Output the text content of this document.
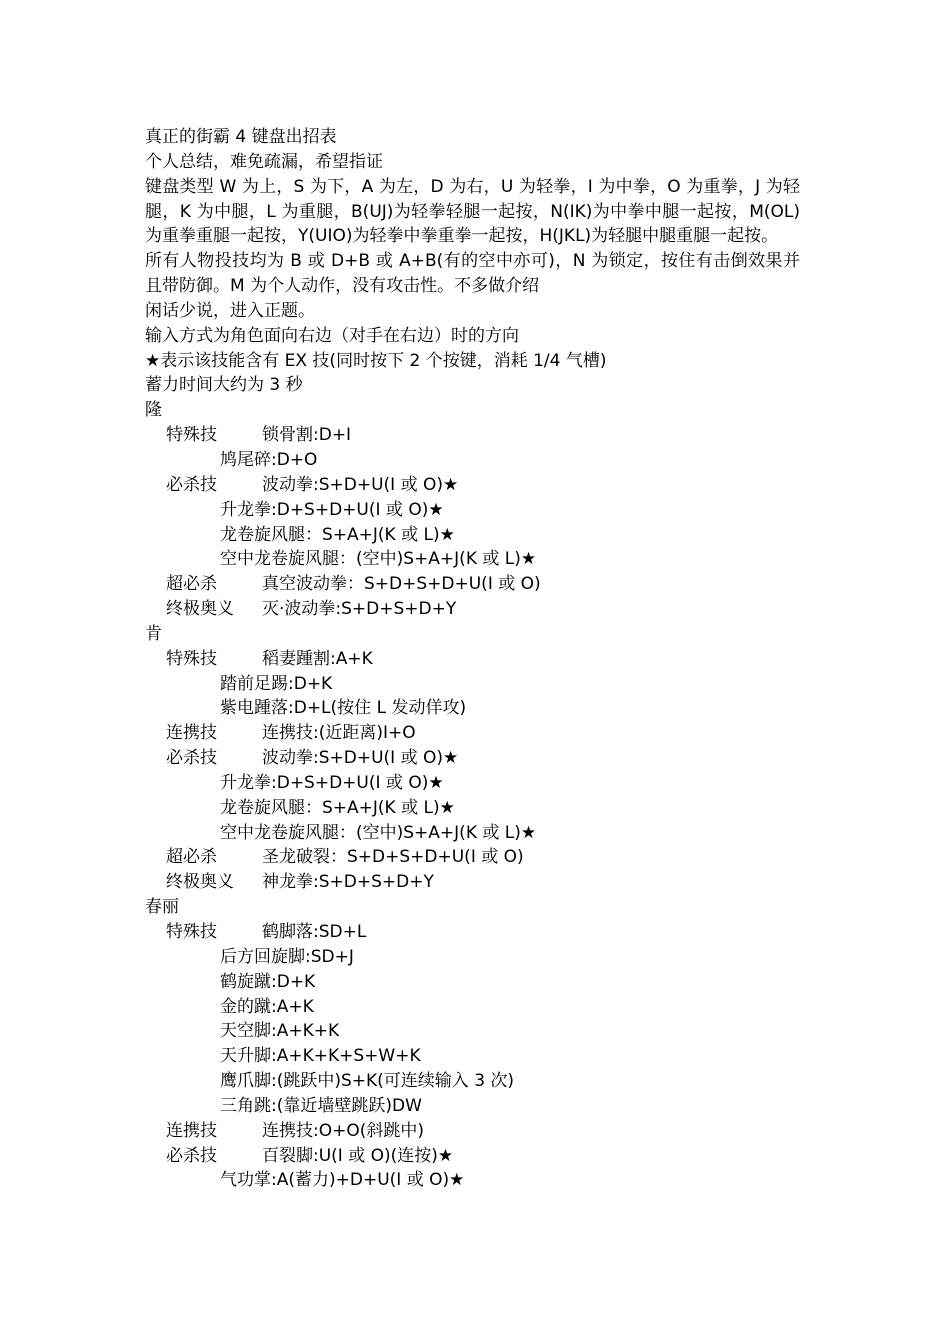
真正的街霸 4 键盘出招表
个人总结，难免疏漏，希望指证
键盘类型 W 为上，S 为下，A 为左，D 为右，U 为轻拳，I 为中拳，O 为重拳，J 为轻腿，K 为中腿，L 为重腿，B(UJ)为轻拳轻腿一起按，N(IK)为中拳中腿一起按，M(OL)为重拳重腿一起按，Y(UIO)为轻拳中拳重拳一起按，H(JKL)为轻腿中腿重腿一起按。
所有人物投技均为 B 或 D+B 或 A+B(有的空中亦可)，N 为锁定，按住有击倒效果并且带防御。M 为个人动作，没有攻击性。不多做介绍
闲话少说，进入正题。
输入方式为角色面向右边（对手在右边）时的方向
★表示该技能含有 EX 技(同时按下 2 个按键，消耗 1/4 气槽)
蓄力时间大约为 3 秒
隆
特殊技	锁骨割:D+I
鸠尾碎:D+O
必杀技	波动拳:S+D+U(I 或 O)★
升龙拳:D+S+D+U(I 或 O)★
龙卷旋风腿：S+A+J(K 或 L)★
空中龙卷旋风腿：(空中)S+A+J(K 或 L)★
超必杀	真空波动拳：S+D+S+D+U(I 或 O)
终极奥义	灭·波动拳:S+D+S+D+Y
肯
特殊技	稻妻踵割:A+K
踏前足踢:D+K
紫电踵落:D+L(按住 L 发动佯攻)
连携技	连携技:(近距离)I+O
必杀技	波动拳:S+D+U(I 或 O)★
升龙拳:D+S+D+U(I 或 O)★
龙卷旋风腿：S+A+J(K 或 L)★
空中龙卷旋风腿：(空中)S+A+J(K 或 L)★
超必杀	圣龙破裂：S+D+S+D+U(I 或 O)
终极奥义	神龙拳:S+D+S+D+Y
春丽
特殊技	鹤脚落:SD+L
后方回旋脚:SD+J
鹤旋蹴:D+K
金的蹴:A+K
天空脚:A+K+K
天升脚:A+K+K+S+W+K
鹰爪脚:(跳跃中)S+K(可连续输入 3 次)
三角跳:(靠近墙壁跳跃)DW
连携技	连携技:O+O(斜跳中)
必杀技	百裂脚:U(I 或 O)(连按)★
气功掌:A(蓄力)+D+U(I 或 O)★
